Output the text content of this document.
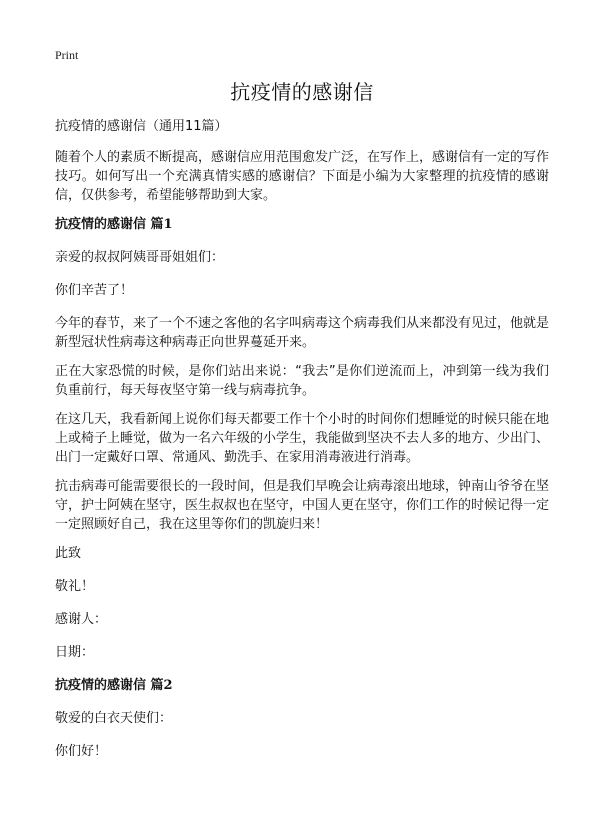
Print
抗疫情的感谢信
抗疫情的感谢信（通用11篇）

随着个人的素质不断提高，感谢信应用范围愈发广泛，在写作上，感谢信有一定的写作技巧。如何写出一个充满真情实感的感谢信？下面是小编为大家整理的抗疫情的感谢信，仅供参考，希望能够帮助到大家。

抗疫情的感谢信 篇1

亲爱的叔叔阿姨哥哥姐姐们：

你们辛苦了！

今年的春节，来了一个不速之客他的名字叫病毒这个病毒我们从来都没有见过，他就是新型冠状性病毒这种病毒正向世界蔓延开来。

正在大家恐慌的时候，是你们站出来说：“我去”是你们逆流而上，冲到第一线为我们负重前行，每天每夜坚守第一线与病毒抗争。

在这几天，我看新闻上说你们每天都要工作十个小时的时间你们想睡觉的时候只能在地上或椅子上睡觉，做为一名六年级的小学生，我能做到坚决不去人多的地方、少出门、出门一定戴好口罩、常通风、勤洗手、在家用消毒液进行消毒。

抗击病毒可能需要很长的一段时间，但是我们早晚会让病毒滚出地球，钟南山爷爷在坚守，护士阿姨在坚守，医生叔叔也在坚守，中国人更在坚守，你们工作的时候记得一定一定照顾好自己，我在这里等你们的凯旋归来！

此致

敬礼！

感谢人：

日期：

抗疫情的感谢信 篇2

敬爱的白衣天使们：

你们好！
